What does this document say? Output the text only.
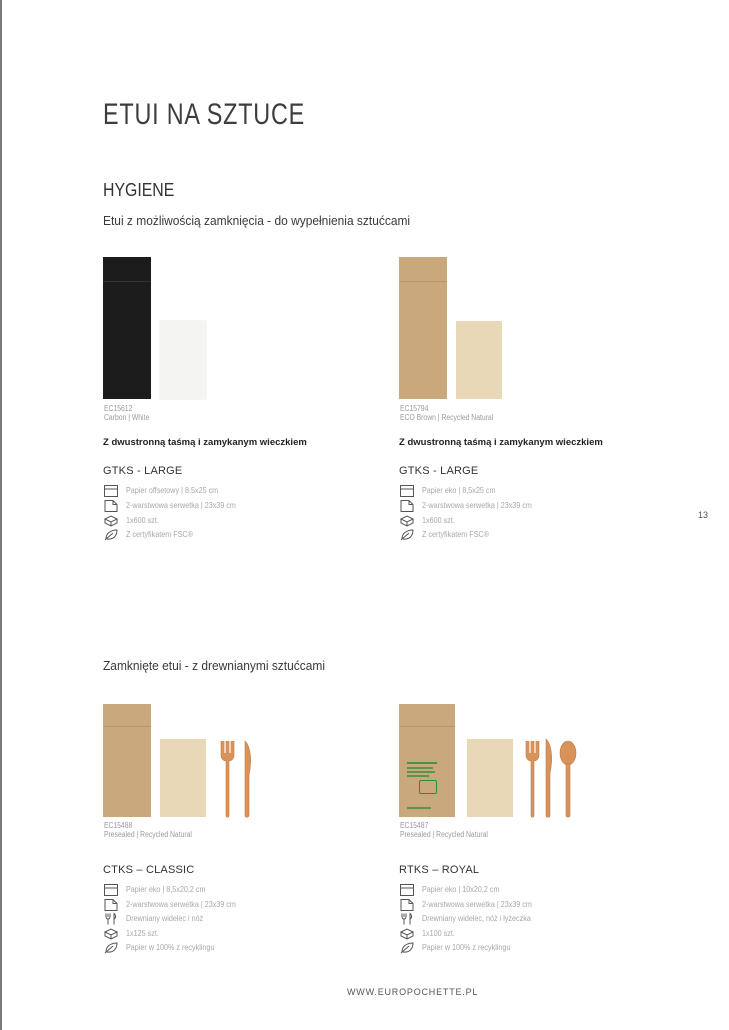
ETUI NA SZTUCE
HYGIENE
Etui z możliwością zamknięcia - do wypełnienia sztućcami
EC15612
Carbon | White
Z dwustronną taśmą i zamykanym wieczkiem
GTKS - LARGE
Papier offsetowy | 8,5x25 cm
2-warstwowa serwetka | 23x39 cm
1x600 szt.
Z certyfikatem FSC®
EC15794
ECO Brown | Recycled Natural
Z dwustronną taśmą i zamykanym wieczkiem
GTKS - LARGE
Papier eko | 8,5x25 cm
2-warstwowa serwetka | 23x39 cm
1x600 szt.
Z certyfikatem FSC®
13
Zamknięte etui - z drewnianymi sztućcami
EC15488
Presealed | Recycled Natural
CTKS – CLASSIC
Papier eko | 8,5x20,2 cm
2-warstwowa serwetka | 23x39 cm
Drewniany widelec i nóż
1x125 szt.
Papier w 100% z recyklingu
EC15487
Presealed | Recycled Natural
RTKS – ROYAL
Papier eko | 10x20,2 cm
2-warstwowa serwetka | 23x39 cm
Drewniany widelec, nóż i łyżeczka
1x100 szt.
Papier w 100% z recyklingu
WWW.EUROPOCHETTE.PL
